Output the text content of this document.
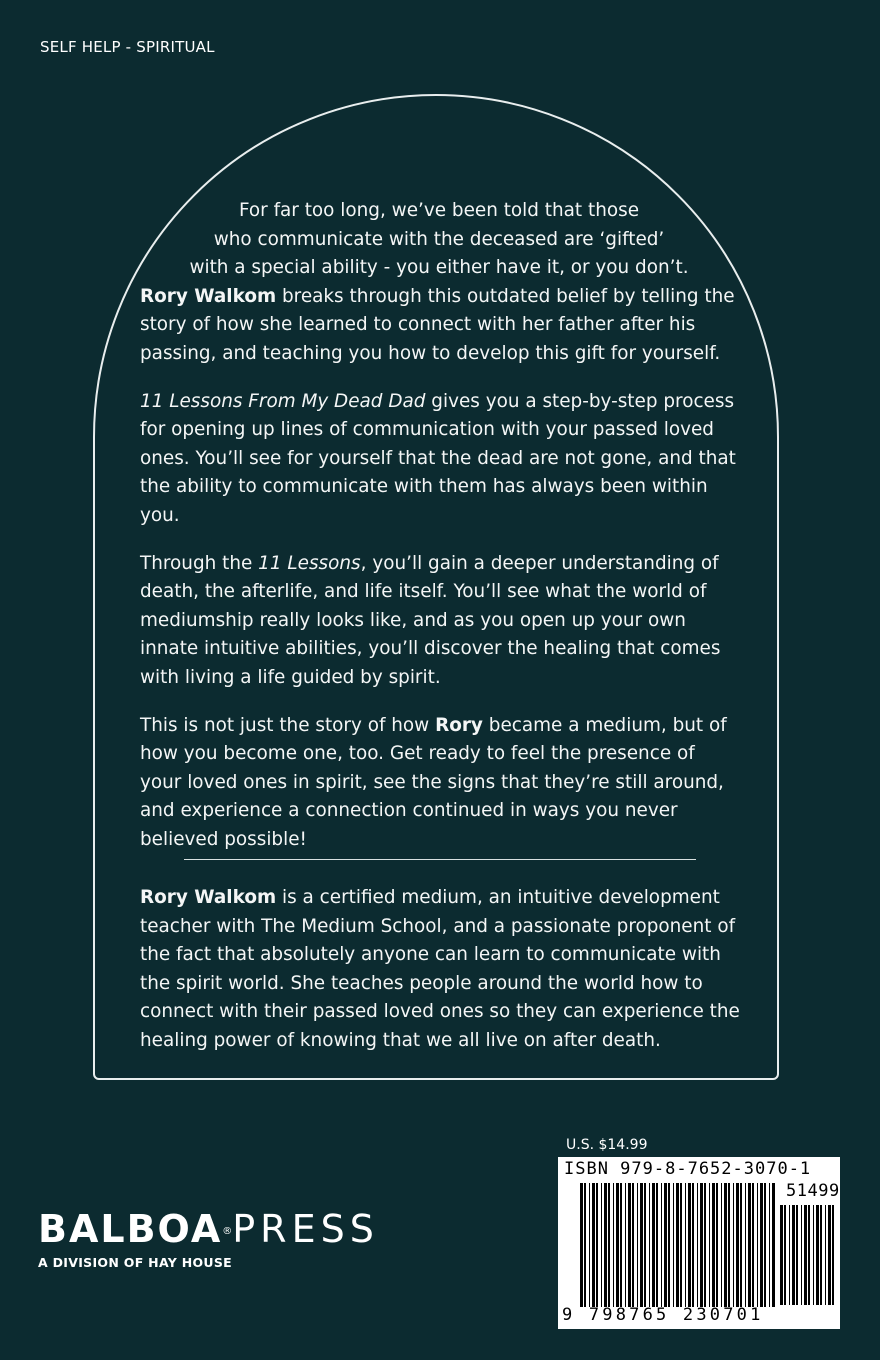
SELF HELP - SPIRITUAL

For far too long, we’ve been told that those
who communicate with the deceased are ‘gifted’
with a special ability - you either have it, or you don’t.
Rory Walkom breaks through this outdated belief by telling the story of how she learned to connect with her father after his passing, and teaching you how to develop this gift for yourself.

11 Lessons From My Dead Dad gives you a step-by-step process for opening up lines of communication with your passed loved ones. You’ll see for yourself that the dead are not gone, and that the ability to communicate with them has always been within you.

Through the 11 Lessons, you’ll gain a deeper understanding of death, the afterlife, and life itself. You’ll see what the world of mediumship really looks like, and as you open up your own innate intuitive abilities, you’ll discover the healing that comes with living a life guided by spirit.

This is not just the story of how Rory became a medium, but of how you become one, too. Get ready to feel the presence of your loved ones in spirit, see the signs that they’re still around, and experience a connection continued in ways you never believed possible!

Rory Walkom is a certified medium, an intuitive development teacher with The Medium School, and a passionate proponent of the fact that absolutely anyone can learn to communicate with the spirit world. She teaches people around the world how to connect with their passed loved ones so they can experience the healing power of knowing that we all live on after death.
U.S. $14.99
ISBN 979-8-7652-3070-1
51499
9 798765 230701
BALBOA®PRESS
A DIVISION OF HAY HOUSE
